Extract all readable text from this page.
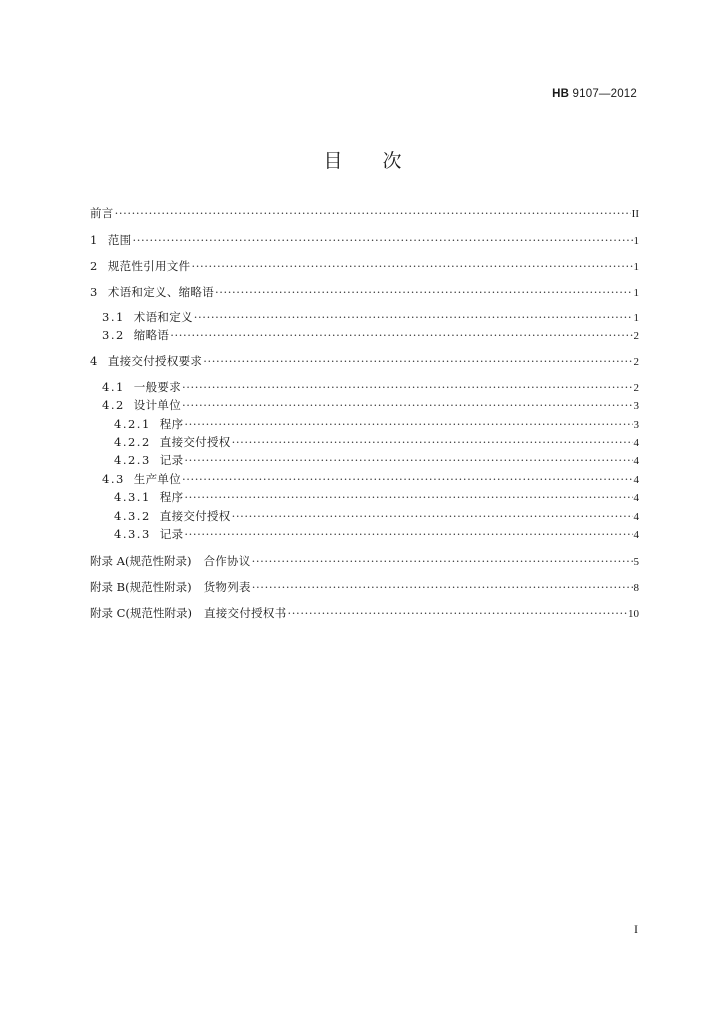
HB 9107—2012
目 次
前言 ·····	II
1 范围 ·····	1
2 规范性引用文件 ·····	1
3 术语和定义、缩略语 ·····	1
3.1 术语和定义 ·····	1
3.2 缩略语 ·····	2
4 直接交付授权要求 ·····	2
4.1 一般要求 ·····	2
4.2 设计单位 ·····	3
4.2.1 程序 ·····	3
4.2.2 直接交付授权 ·····	4
4.2.3 记录 ·····	4
4.3 生产单位 ·····	4
4.3.1 程序 ·····	4
4.3.2 直接交付授权 ·····	4
4.3.3 记录 ·····	4
附录 A(规范性附录) 合作协议 ·····	5
附录 B(规范性附录) 货物列表 ·····	8
附录 C(规范性附录) 直接交付授权书 ·····	10
I
